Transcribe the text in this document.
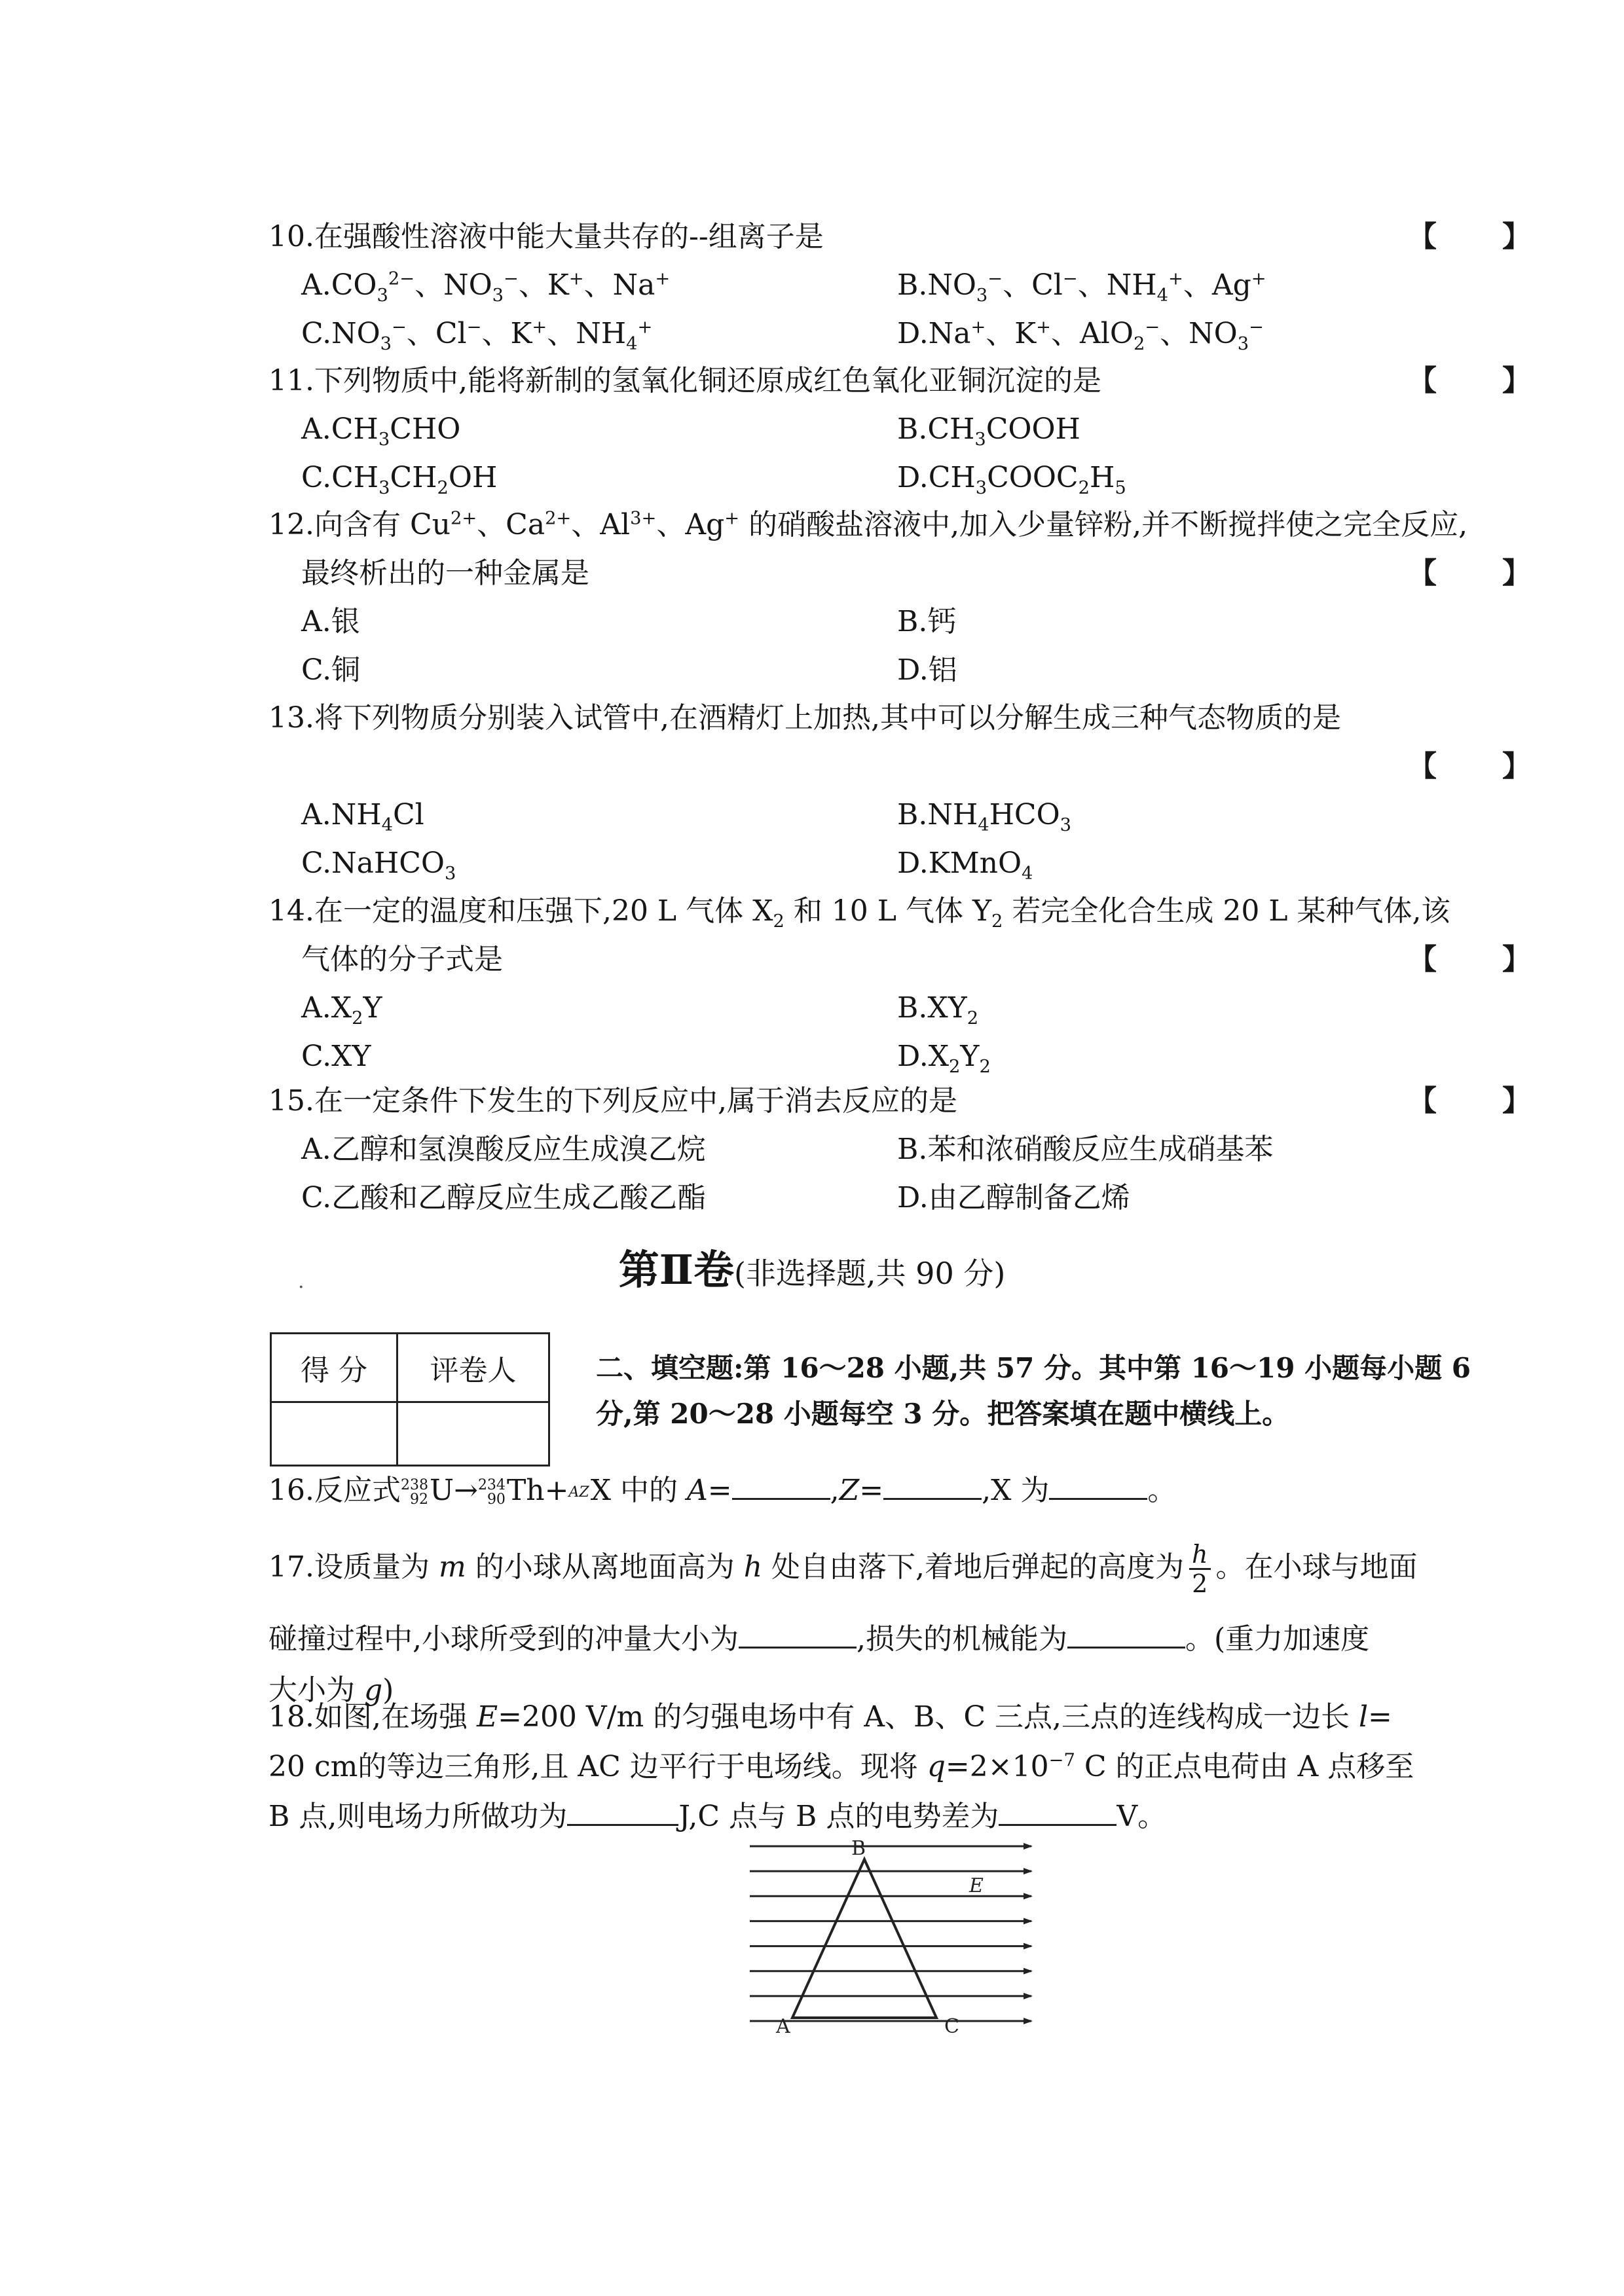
10.在强酸性溶液中能大量共存的--组离子是	【 】
$A.CO_3^{2-}$、$NO_3^-$、K+、Na+	$B.NO_3^-$、Cl−、$NH_4^+$、Ag+
$C.NO_3^-$、Cl−、K+、$NH_4^+$	D.Na+、K+、AlO$_2$−、$NO_3^-$
11.下列物质中,能将新制的氢氧化铜还原成红色氧化亚铜沉淀的是	【 】
$A.CH_3CHO$	$B.CH_3COOH$
$C.CH_3CH_2OH$	$D.CH_3COOC_2H_5$
12.向含有 $Cu^{2+}$、$Ca^{2+}$、$Al^{3+}$、Ag+ 的硝酸盐溶液中,加入少量锌粉,并不断搅拌使之完全反应,
最终析出的一种金属是	【 】
A.银	B.钙
C.铜	D.铝
13.将下列物质分别装入试管中,在酒精灯上加热,其中可以分解生成三种气态物质的是
【 】
$A.NH_4Cl$	$B.NH_4HCO_3$
C.NaHCO$_3$	D.KMnO$_4$
14.在一定的温度和压强下,20 L 气体 $X_2$ 和 10 L 气体 $Y_2$ 若完全化合生成 20 L 某种气体,该
气体的分子式是	【 】
$A.X_2Y$	$B.XY_2$
C.XY	$D.X_2Y_2$
15.在一定条件下发生的下列反应中,属于消去反应的是	【 】
A.乙醇和氢溴酸反应生成溴乙烷	B.苯和浓硝酸反应生成硝基苯
C.乙酸和乙醇反应生成乙酸乙酯	D.由乙醇制备乙烯
第Ⅱ卷(非选择题,共 90 分)
.
得 分	评卷人
		二、填空题:第 16～28 小题,共 57 分。其中第 16～19 小题每小题 6
分,第 20～28 小题每空 3 分。把答案填在题中横线上。
16.反应式 238
92 U→ 234
90 Th+AZX 中的 A=	,Z=	,X 为	。
17.设质量为 m 的小球从离地面高为 h 处自由落下,着地后弹起的高度为 $\frac{h}{2}$ 。在小球与地面
碰撞过程中,小球所受到的冲量大小为	,损失的机械能为	。(重力加速度
大小为 g)
18.如图,在场强 E=200 V/m 的匀强电场中有 A、B、C 三点,三点的连线构成一边长 l=
20 cm的等边三角形,且 AC 边平行于电场线。现将 $q=2\times 10^{-7}$ C 的正点电荷由 A 点移至
B 点,则电场力所做功为	J,C 点与 B 点的电势差为	V。
B
A	C
E
